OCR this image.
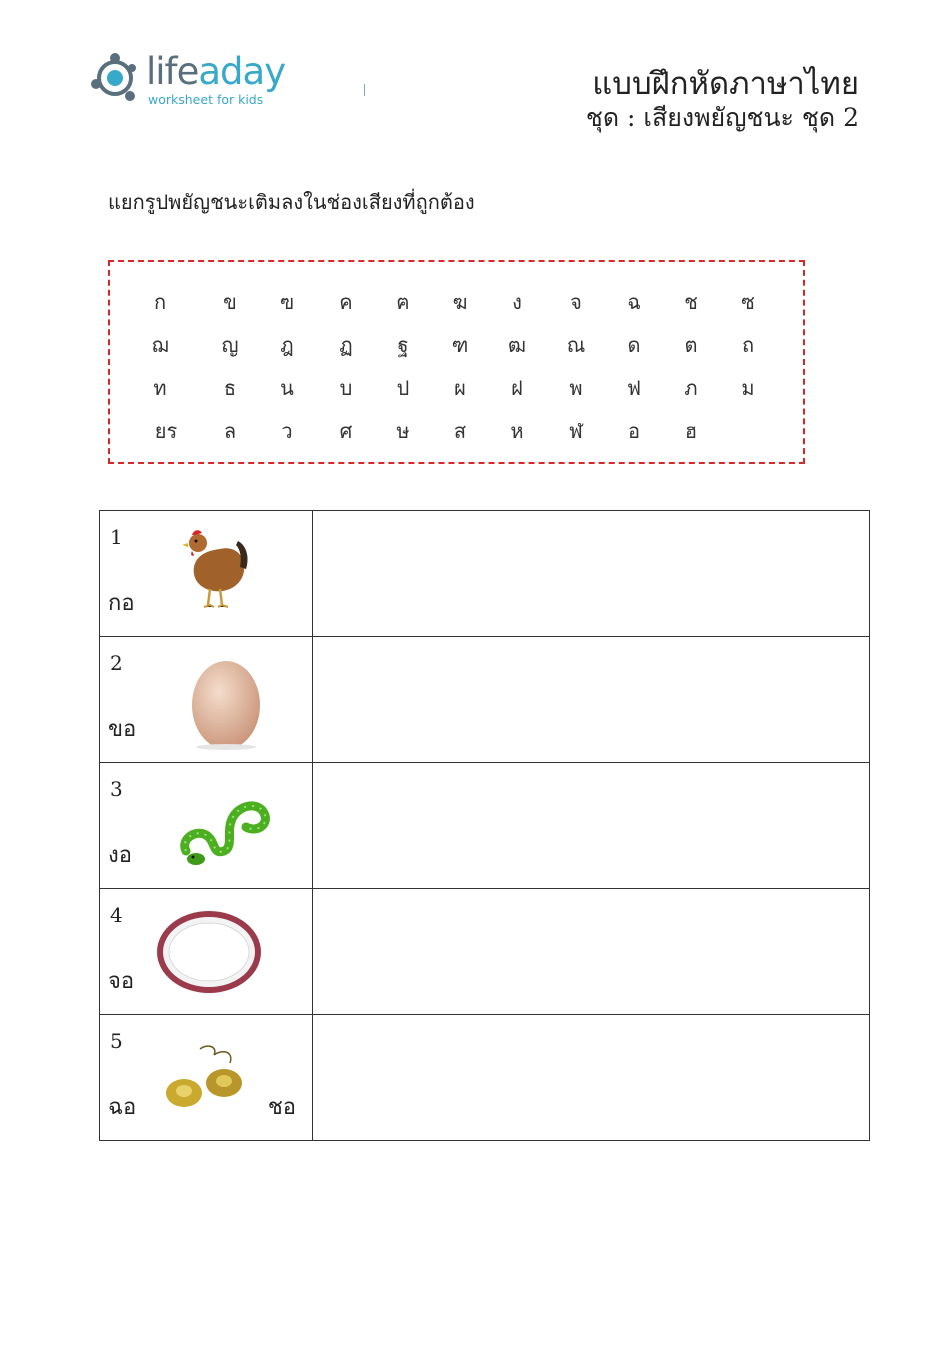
lifeaday
worksheet for kids	แบบฝึกหัดภาษาไทย
ชุด : เสียงพยัญชนะ ชุด 2
แยกรูปพยัญชนะเติมลงในช่องเสียงที่ถูกต้อง
ก	ข ฃ ค ฅ ฆ ง จ ฉ ช ซ
ฌ	ญ ฎ ฏ ฐ ฑ ฒ ณ ด ต ถ
ท	ธ น บ ป ผ ฝ พ ฟ ภ ม
ยร ล ว ศ ษ ส ห ฬ อ ฮ
1
กอ	

2
ขอ	

3
งอ	

4
จอ	

5
ฉอ ชอ	
